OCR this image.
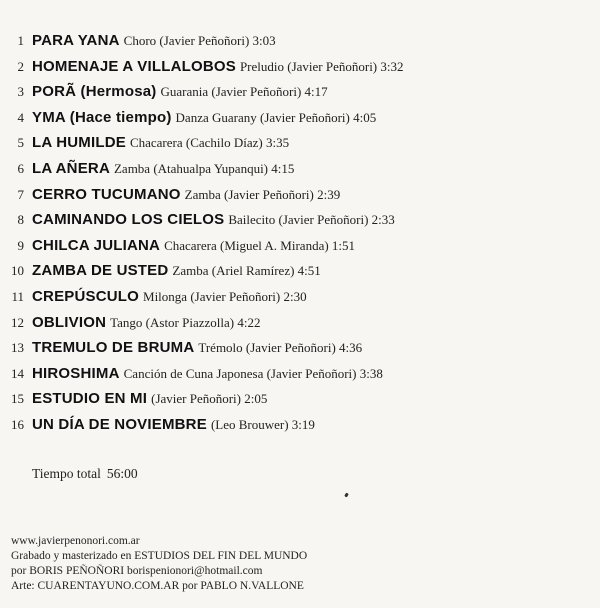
1 PARA YANA Choro (Javier Peñoñori) 3:03
2 HOMENAJE A VILLALOBOS Preludio (Javier Peñoñori) 3:32
3 PORÃ (Hermosa) Guarania (Javier Peñoñori) 4:17
4 YMA (Hace tiempo) Danza Guarany (Javier Peñoñori) 4:05
5 LA HUMILDE Chacarera (Cachilo Díaz) 3:35
6 LA AÑERA Zamba (Atahualpa Yupanqui) 4:15
7 CERRO TUCUMANO Zamba (Javier Peñoñori) 2:39
8 CAMINANDO LOS CIELOS Bailecito (Javier Peñoñori) 2:33
9 CHILCA JULIANA Chacarera (Miguel A. Miranda) 1:51
10 ZAMBA DE USTED Zamba (Ariel Ramírez) 4:51
11 CREPÚSCULO Milonga (Javier Peñoñori) 2:30
12 OBLIVION Tango (Astor Piazzolla) 4:22
13 TREMULO DE BRUMA Trémolo (Javier Peñoñori) 4:36
14 HIROSHIMA Canción de Cuna Japonesa (Javier Peñoñori) 3:38
15 ESTUDIO EN MI (Javier Peñoñori) 2:05
16 UN DÍA DE NOVIEMBRE (Leo Brouwer) 3:19
Tiempo total 56:00
www.javierpenonori.com.ar
Grabado y masterizado en ESTUDIOS DEL FIN DEL MUNDO
por BORIS PEÑOÑORI borispenionori@hotmail.com
Arte: CUARENTAYUNO.COM.AR por PABLO N.VALLONE
